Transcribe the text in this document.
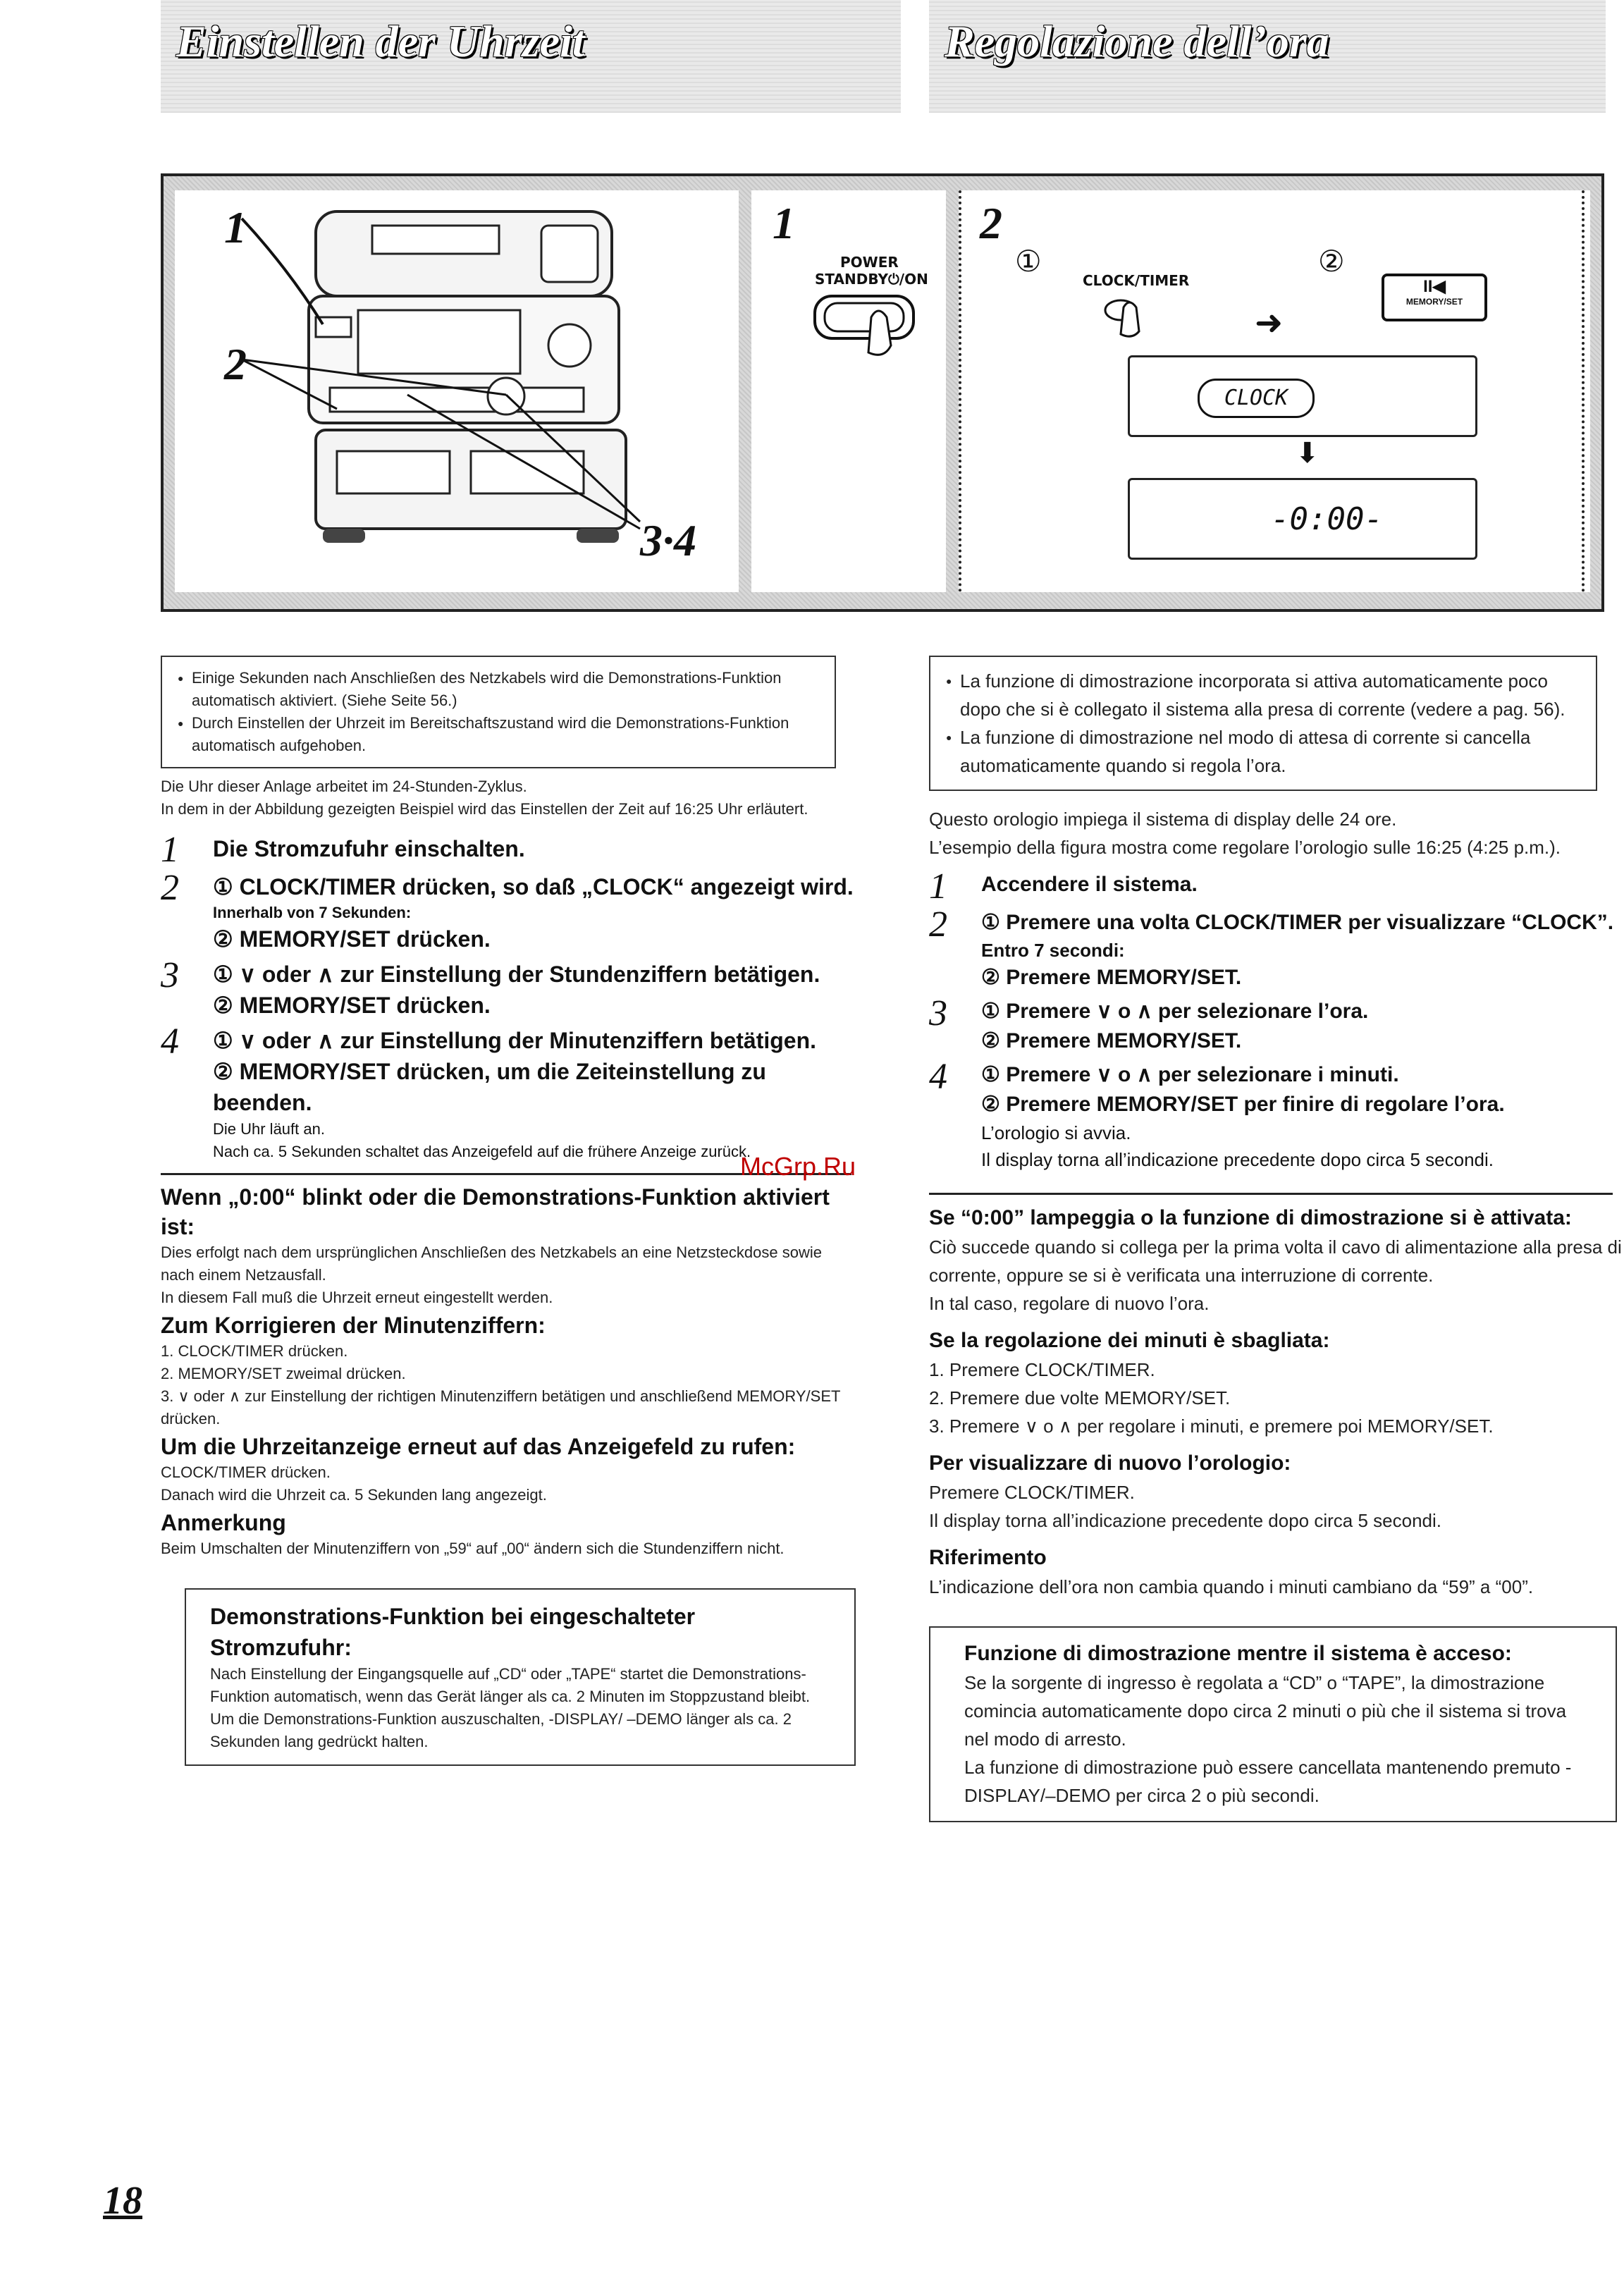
Einstellen der Uhrzeit	Regolazione dell’ora
1
2
3·4
1
POWER
STANDBY⏻/ON
2
①	②
CLOCK/TIMER
➜
II◀
MEMORY/SET
CLOCK
⬇
-0:00-
● Einige Sekunden nach Anschließen des Netzkabels wird die Demonstrations-Funktion automatisch aktiviert. (Siehe Seite 56.)
● Durch Einstellen der Uhrzeit im Bereitschaftszustand wird die Demonstrations-Funktion automatisch aufgehoben.
Die Uhr dieser Anlage arbeitet im 24-Stunden-Zyklus.
In dem in der Abbildung gezeigten Beispiel wird das Einstellen der Zeit auf 16:25 Uhr erläutert.
1	Die Stromzufuhr einschalten.
2	① CLOCK/TIMER drücken, so daß „CLOCK“ angezeigt wird.
Innerhalb von 7 Sekunden:
② MEMORY/SET drücken.
3	① ∨ oder ∧ zur Einstellung der Stundenziffern betätigen.
② MEMORY/SET drücken.
4	① ∨ oder ∧ zur Einstellung der Minutenziffern betätigen.
② MEMORY/SET drücken, um die Zeiteinstellung zu beenden.
Die Uhr läuft an.
Nach ca. 5 Sekunden schaltet das Anzeigefeld auf die frühere Anzeige zurück.
Wenn „0:00“ blinkt oder die Demonstrations-Funktion aktiviert ist:
Dies erfolgt nach dem ursprünglichen Anschließen des Netzkabels an eine Netzsteckdose sowie nach einem Netzausfall.
In diesem Fall muß die Uhrzeit erneut eingestellt werden.
Zum Korrigieren der Minutenziffern:
1. CLOCK/TIMER drücken.
2. MEMORY/SET zweimal drücken.
3. ∨ oder ∧ zur Einstellung der richtigen Minutenziffern betätigen und anschließend MEMORY/SET drücken.
Um die Uhrzeitanzeige erneut auf das Anzeigefeld zu rufen:
CLOCK/TIMER drücken.
Danach wird die Uhrzeit ca. 5 Sekunden lang angezeigt.
Anmerkung
Beim Umschalten der Minutenziffern von „59“ auf „00“ ändern sich die Stundenziffern nicht.
Demonstrations-Funktion bei eingeschalteter Stromzufuhr:
Nach Einstellung der Eingangsquelle auf „CD“ oder „TAPE“ startet die Demonstrations-Funktion automatisch, wenn das Gerät länger als ca. 2 Minuten im Stoppzustand bleibt.
Um die Demonstrations-Funktion auszuschalten, -DISPLAY/ –DEMO länger als ca. 2 Sekunden lang gedrückt halten.
● La funzione di dimostrazione incorporata si attiva automaticamente poco dopo che si è collegato il sistema alla presa di corrente (vedere a pag. 56).
● La funzione di dimostrazione nel modo di attesa di corrente si cancella automaticamente quando si regola l’ora.
Questo orologio impiega il sistema di display delle 24 ore.
L’esempio della figura mostra come regolare l’orologio sulle 16:25 (4:25 p.m.).
1	Accendere il sistema.
2	① Premere una volta CLOCK/TIMER per visualizzare “CLOCK”.
Entro 7 secondi:
② Premere MEMORY/SET.
3	① Premere ∨ o ∧ per selezionare l’ora.
② Premere MEMORY/SET.
4	① Premere ∨ o ∧ per selezionare i minuti.
② Premere MEMORY/SET per finire di regolare l’ora.
L’orologio si avvia.
Il display torna all’indicazione precedente dopo circa 5 secondi.
Se “0:00” lampeggia o la funzione di dimostrazione si è attivata:
Ciò succede quando si collega per la prima volta il cavo di alimentazione alla presa di corrente, oppure se si è verificata una interruzione di corrente.
In tal caso, regolare di nuovo l’ora.
Se la regolazione dei minuti è sbagliata:
1. Premere CLOCK/TIMER.
2. Premere due volte MEMORY/SET.
3. Premere ∨ o ∧ per regolare i minuti, e premere poi MEMORY/SET.
Per visualizzare di nuovo l’orologio:
Premere CLOCK/TIMER.
Il display torna all’indicazione precedente dopo circa 5 secondi.
Riferimento
L’indicazione dell’ora non cambia quando i minuti cambiano da “59” a “00”.
Funzione di dimostrazione mentre il sistema è acceso:
Se la sorgente di ingresso è regolata a “CD” o “TAPE”, la dimostrazione comincia automaticamente dopo circa 2 minuti o più che il sistema si trova nel modo di arresto.
La funzione di dimostrazione può essere cancellata mantenendo premuto -DISPLAY/–DEMO per circa 2 o più secondi.
McGrp.Ru
18
